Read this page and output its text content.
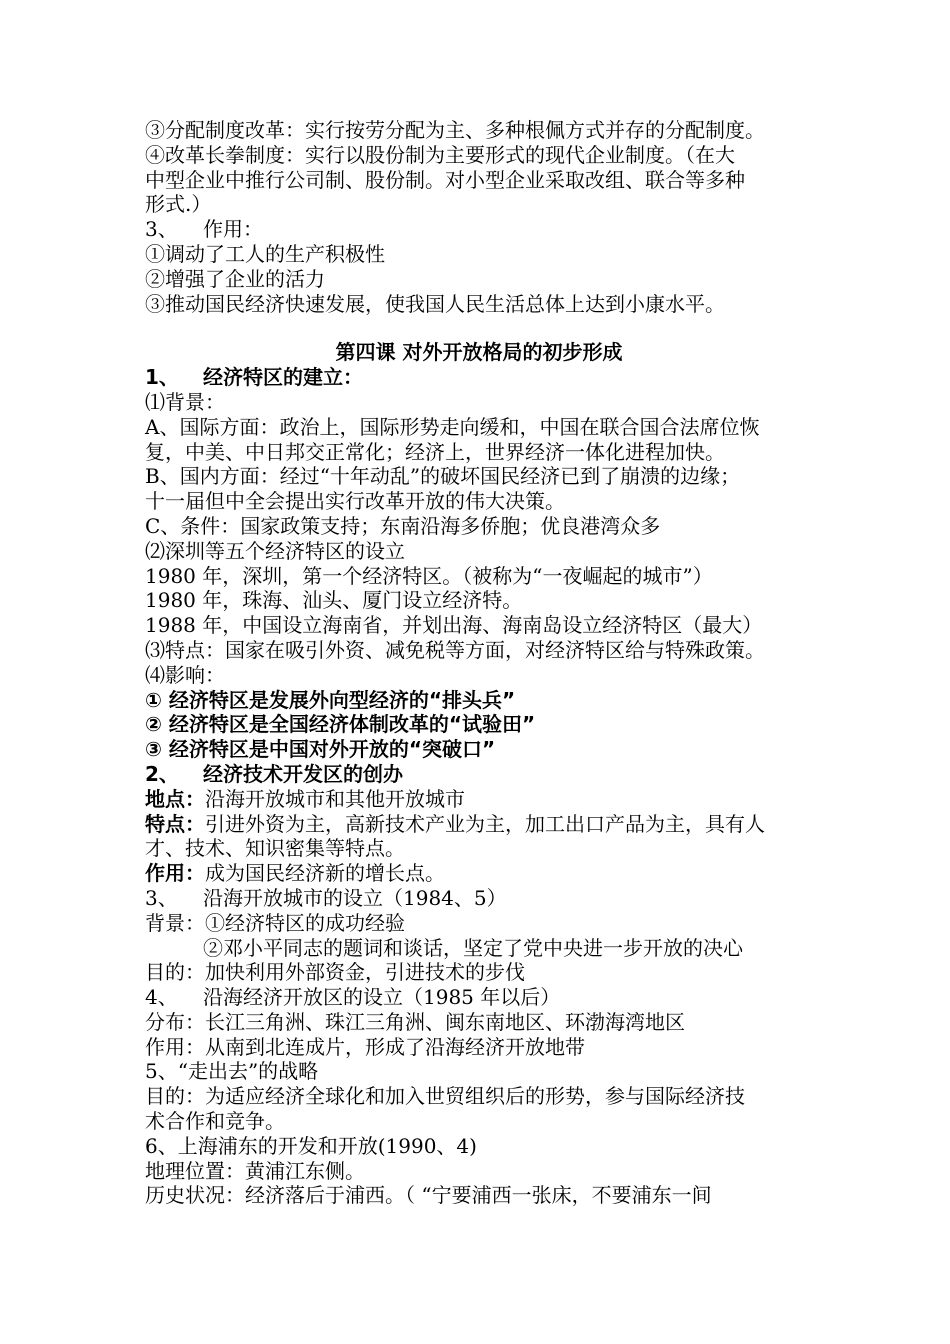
③分配制度改革：实行按劳分配为主、多种根佩方式并存的分配制度。
④改革长拳制度：实行以股份制为主要形式的现代企业制度。（在大
中型企业中推行公司制、股份制。对小型企业采取改组、联合等多种
形式.）
3、 作用：
①调动了工人的生产积极性
②增强了企业的活力
③推动国民经济快速发展，使我国人民生活总体上达到小康水平。
第四课 对外开放格局的初步形成
1、 经济特区的建立：
⑴背景：
A、国际方面：政治上，国际形势走向缓和，中国在联合国合法席位恢
复，中美、中日邦交正常化；经济上，世界经济一体化进程加快。
B、国内方面：经过“十年动乱”的破坏国民经济已到了崩溃的边缘；
十一届但中全会提出实行改革开放的伟大决策。
C、条件：国家政策支持；东南沿海多侨胞；优良港湾众多
⑵深圳等五个经济特区的设立
1980 年，深圳，第一个经济特区。（被称为“一夜崛起的城市”）
1980 年，珠海、汕头、厦门设立经济特。
1988 年，中国设立海南省，并划出海、海南岛设立经济特区（最大）
⑶特点：国家在吸引外资、减免税等方面，对经济特区给与特殊政策。
⑷影响：
① 经济特区是发展外向型经济的“排头兵”
② 经济特区是全国经济体制改革的“试验田”
③ 经济特区是中国对外开放的“突破口”
2、 经济技术开发区的创办
地点：沿海开放城市和其他开放城市
特点：引进外资为主，高新技术产业为主，加工出口产品为主，具有人
才、技术、知识密集等特点。
作用：成为国民经济新的增长点。
3、 沿海开放城市的设立（1984、5）
背景：①经济特区的成功经验
②邓小平同志的题词和谈话，坚定了党中央进一步开放的决心
目的：加快利用外部资金，引进技术的步伐
4、 沿海经济开放区的设立（1985 年以后）
分布：长江三角洲、珠江三角洲、闽东南地区、环渤海湾地区
作用：从南到北连成片，形成了沿海经济开放地带
5、“走出去”的战略
目的：为适应经济全球化和加入世贸组织后的形势，参与国际经济技
术合作和竞争。
6、上海浦东的开发和开放(1990、4)
地理位置：黄浦江东侧。
历史状况：经济落后于浦西。（ “宁要浦西一张床，不要浦东一间
